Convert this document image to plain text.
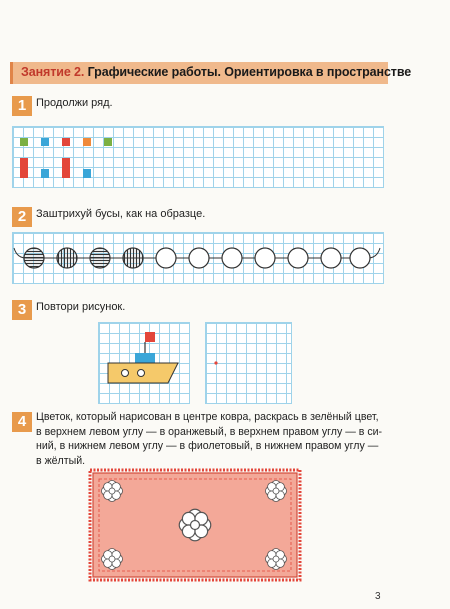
Занятие 2. Графические работы. Ориентировка в пространстве
1 Продолжи ряд.
2 Заштрихуй бусы, как на образце.
3 Повтори рисунок.
4 Цветок, который нарисован в центре ковра, раскрась в зелёный цвет,
в верхнем левом углу — в оранжевый, в верхнем правом углу — в си-
ний, в нижнем левом углу — в фиолетовый, в нижнем правом углу —
в жёлтый.
3
